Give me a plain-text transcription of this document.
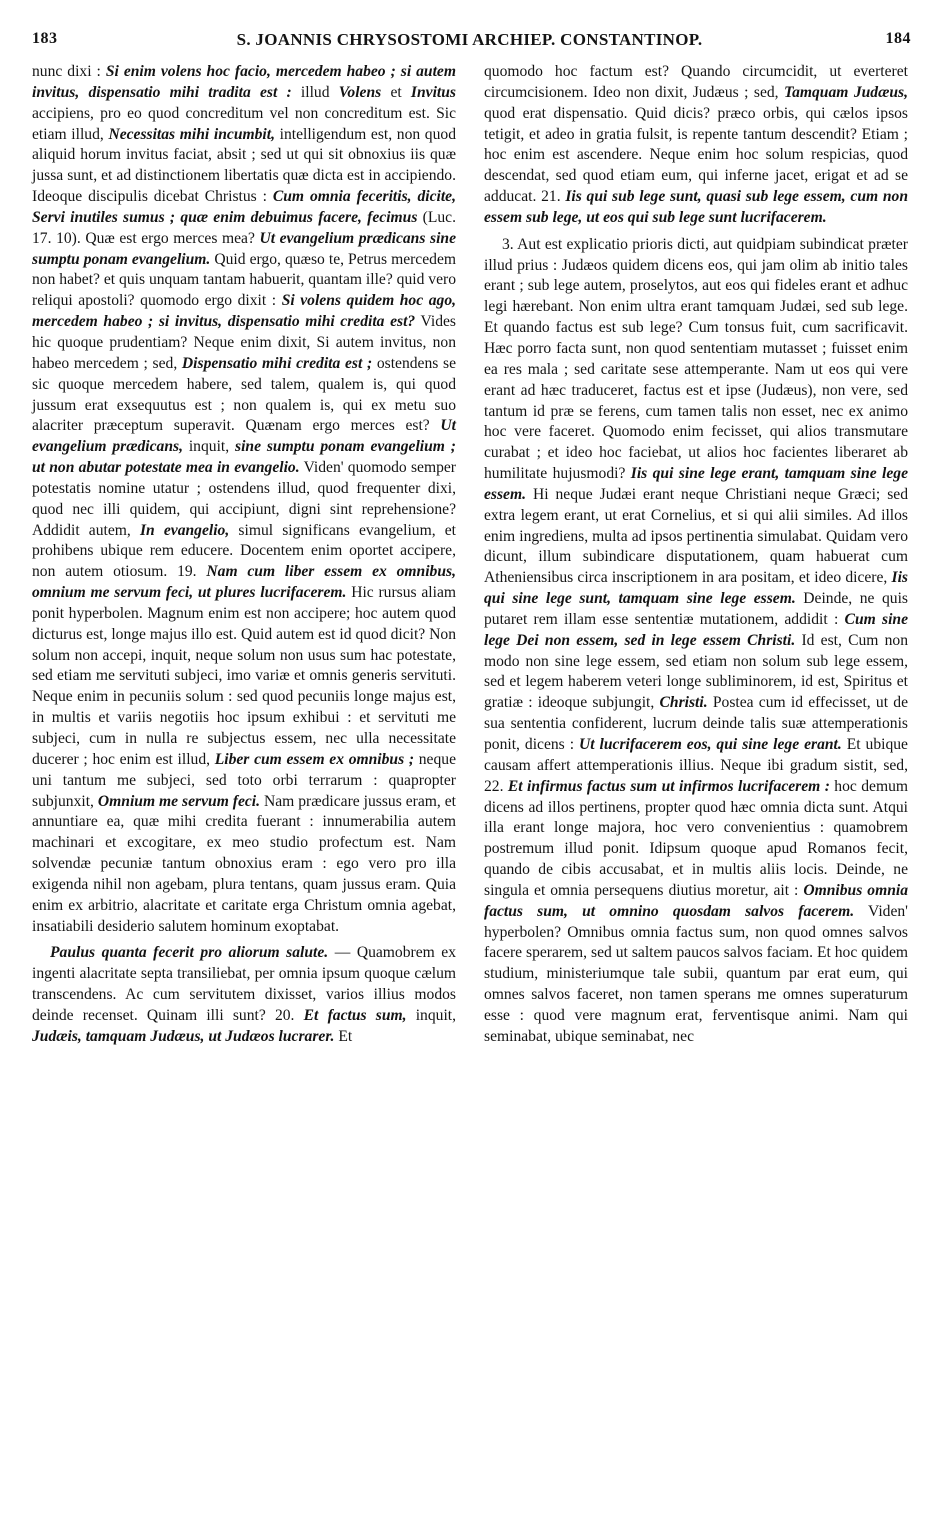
183	S. JOANNIS CHRYSOSTOMI ARCHIEP. CONSTANTINOP.	184

nunc dixi : Si enim volens hoc facio, mercedem habeo ; si autem invitus, dispensatio mihi tradita est : illud Volens et Invitus accipiens, pro eo quod concreditum vel non concreditum est. Sic etiam illud, Necessitas mihi incumbit, intelligendum est, non quod aliquid horum invitus faciat, absit ; sed ut qui sit obnoxius iis quæ jussa sunt, et ad distinctionem libertatis quæ dicta est in accipiendo. Ideoque discipulis dicebat Christus : Cum omnia feceritis, dicite, Servi inutiles sumus ; quæ enim debuimus facere, fecimus (Luc. 17. 10). Quæ est ergo merces mea? Ut evangelium prædicans sine sumptu ponam evangelium. Quid ergo, quæso te, Petrus mercedem non habet? et quis unquam tantam habuerit, quantam ille? quid vero reliqui apostoli? quomodo ergo dixit : Si volens quidem hoc ago, mercedem habeo ; si invitus, dispensatio mihi credita est? Vides hic quoque prudentiam? Neque enim dixit, Si autem invitus, non habeo mercedem ; sed, Dispensatio mihi credita est ; ostendens se sic quoque mercedem habere, sed talem, qualem is, qui quod jussum erat exsequutus est ; non qualem is, qui ex metu suo alacriter præceptum superavit. Quænam ergo merces est? Ut evangelium prædicans, inquit, sine sumptu ponam evangelium ; ut non abutar potestate mea in evangelio. Viden' quomodo semper potestatis nomine utatur ; ostendens illud, quod frequenter dixi, quod nec illi quidem, qui accipiunt, digni sint reprehensione? Addidit autem, In evangelio, simul significans evangelium, et prohibens ubique rem educere. Docentem enim oportet accipere, non autem otiosum. 19. Nam cum liber essem ex omnibus, omnium me servum feci, ut plures lucrifacerem. Hic rursus aliam ponit hyperbolen. Magnum enim est non accipere; hoc autem quod dicturus est, longe majus illo est. Quid autem est id quod dicit? Non solum non accepi, inquit, neque solum non usus sum hac potestate, sed etiam me servituti subjeci, imo variæ et omnis generis servituti. Neque enim in pecuniis solum : sed quod pecuniis longe majus est, in multis et variis negotiis hoc ipsum exhibui : et servituti me subjeci, cum in nulla re subjectus essem, nec ulla necessitate ducerer ; hoc enim est illud, Liber cum essem ex omnibus ; neque uni tantum me subjeci, sed toto orbi terrarum : quapropter subjunxit, Omnium me servum feci. Nam prædicare jussus eram, et annuntiare ea, quæ mihi credita fuerant : innumerabilia autem machinari et excogitare, ex meo studio profectum est. Nam solvendæ pecuniæ tantum obnoxius eram : ego vero pro illa exigenda nihil non agebam, plura tentans, quam jussus eram. Quia enim ex arbitrio, alacritate et caritate erga Christum omnia agebat, insatiabili desiderio salutem hominum exoptabat.

Paulus quanta fecerit pro aliorum salute. — Quamobrem ex ingenti alacritate septa transiliebat, per omnia ipsum quoque cælum transcendens. Ac cum servitutem dixisset, varios illius modos deinde recenset. Quinam illi sunt? 20. Et factus sum, inquit, Judæis, tamquam Judæus, ut Judæos lucrarer. Et

quomodo hoc factum est? Quando circumcidit, ut everteret circumcisionem. Ideo non dixit, Judæus ; sed, Tamquam Judæus, quod erat dispensatio. Quid dicis? præco orbis, qui cælos ipsos tetigit, et adeo in gratia fulsit, is repente tantum descendit? Etiam ; hoc enim est ascendere. Neque enim hoc solum respicias, quod descendat, sed quod etiam eum, qui inferne jacet, erigat et ad se adducat. 21. Iis qui sub lege sunt, quasi sub lege essem, cum non essem sub lege, ut eos qui sub lege sunt lucrifacerem.

3. Aut est explicatio prioris dicti, aut quidpiam subindicat præter illud prius : Judæos quidem dicens eos, qui jam olim ab initio tales erant ; sub lege autem, proselytos, aut eos qui fideles erant et adhuc legi hærebant. Non enim ultra erant tamquam Judæi, sed sub lege. Et quando factus est sub lege? Cum tonsus fuit, cum sacrificavit. Hæc porro facta sunt, non quod sententiam mutasset ; fuisset enim ea res mala ; sed caritate sese attemperante. Nam ut eos qui vere erant ad hæc traduceret, factus est et ipse (Judæus), non vere, sed tantum id præ se ferens, cum tamen talis non esset, nec ex animo hoc vere faceret. Quomodo enim fecisset, qui alios transmutare curabat ; et ideo hoc faciebat, ut alios hoc facientes liberaret ab humilitate hujusmodi? Iis qui sine lege erant, tamquam sine lege essem. Hi neque Judæi erant neque Christiani neque Græci; sed extra legem erant, ut erat Cornelius, et si qui alii similes. Ad illos enim ingrediens, multa ad ipsos pertinentia simulabat. Quidam vero dicunt, illum subindicare disputationem, quam habuerat cum Atheniensibus circa inscriptionem in ara positam, et ideo dicere, Iis qui sine lege sunt, tamquam sine lege essem. Deinde, ne quis putaret rem illam esse sententiæ mutationem, addidit : Cum sine lege Dei non essem, sed in lege essem Christi. Id est, Cum non modo non sine lege essem, sed etiam non solum sub lege essem, sed et legem haberem veteri longe subliminorem, id est, Spiritus et gratiæ : ideoque subjungit, Christi. Postea cum id effecisset, ut de sua sententia confiderent, lucrum deinde talis suæ attemperationis ponit, dicens : Ut lucrifacerem eos, qui sine lege erant. Et ubique causam affert attemperationis illius. Neque ibi gradum sistit, sed, 22. Et infirmus factus sum ut infirmos lucrifacerem : hoc demum dicens ad illos pertinens, propter quod hæc omnia dicta sunt. Atqui illa erant longe majora, hoc vero convenientius : quamobrem postremum illud ponit. Idipsum quoque apud Romanos fecit, quando de cibis accusabat, et in multis aliis locis. Deinde, ne singula et omnia persequens diutius moretur, ait : Omnibus omnia factus sum, ut omnino quosdam salvos facerem. Viden' hyperbolen? Omnibus omnia factus sum, non quod omnes salvos facere sperarem, sed ut saltem paucos salvos faciam. Et hoc quidem studium, ministeriumque tale subii, quantum par erat eum, qui omnes salvos faceret, non tamen sperans me omnes superaturum esse : quod vere magnum erat, ferventisque animi. Nam qui seminabat, ubique seminabat, nec
